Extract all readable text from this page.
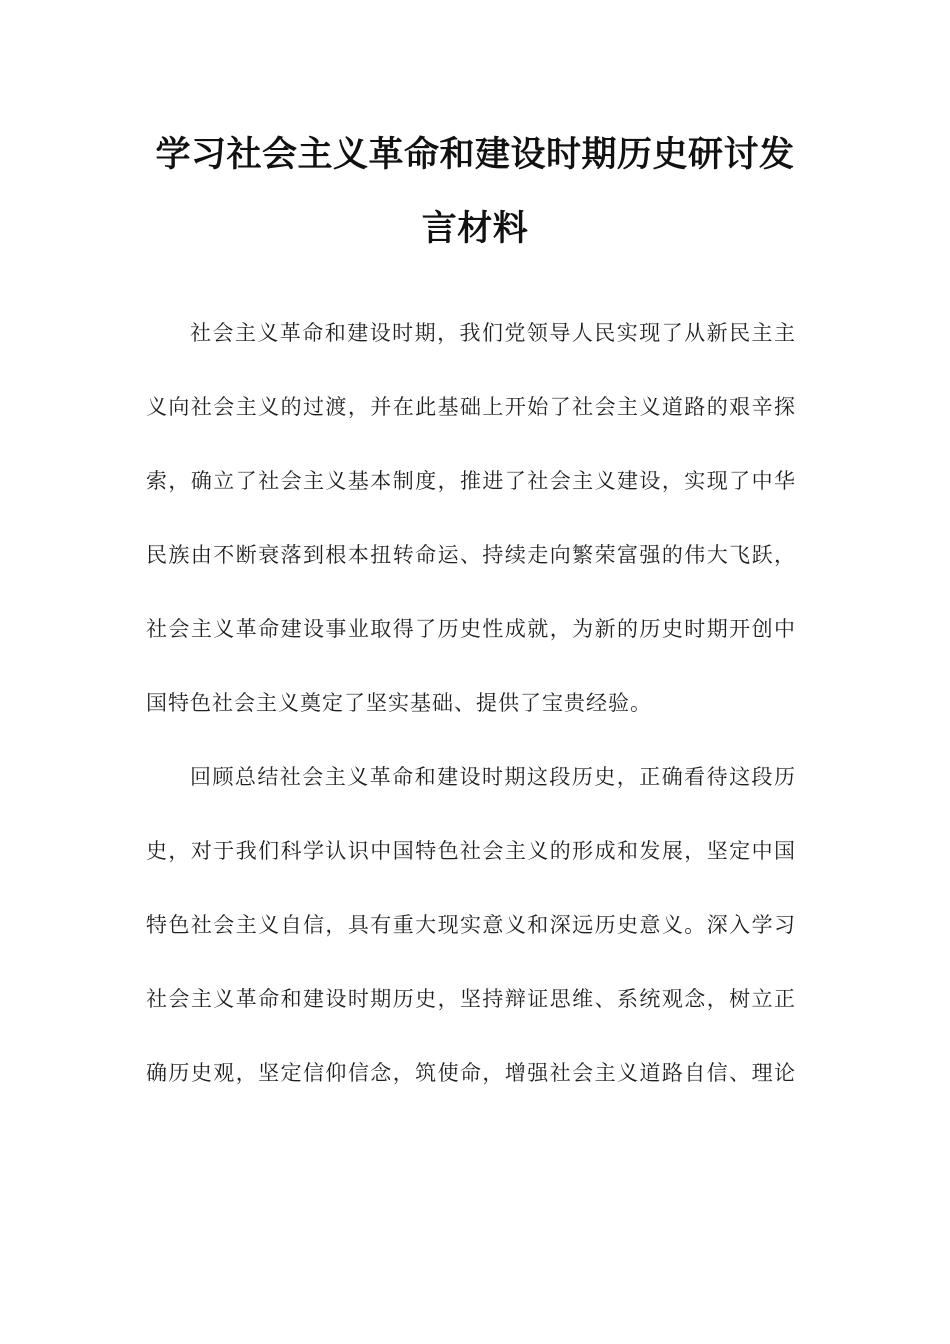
学习社会主义革命和建设时期历史研讨发
言材料

社会主义革命和建设时期，我们党领导人民实现了从新民主主
义向社会主义的过渡，并在此基础上开始了社会主义道路的艰辛探
索，确立了社会主义基本制度，推进了社会主义建设，实现了中华
民族由不断衰落到根本扭转命运、持续走向繁荣富强的伟大飞跃，
社会主义革命建设事业取得了历史性成就，为新的历史时期开创中
国特色社会主义奠定了坚实基础、提供了宝贵经验。

回顾总结社会主义革命和建设时期这段历史，正确看待这段历
史，对于我们科学认识中国特色社会主义的形成和发展，坚定中国
特色社会主义自信，具有重大现实意义和深远历史意义。深入学习
社会主义革命和建设时期历史，坚持辩证思维、系统观念，树立正
确历史观，坚定信仰信念，筑使命，增强社会主义道路自信、理论
